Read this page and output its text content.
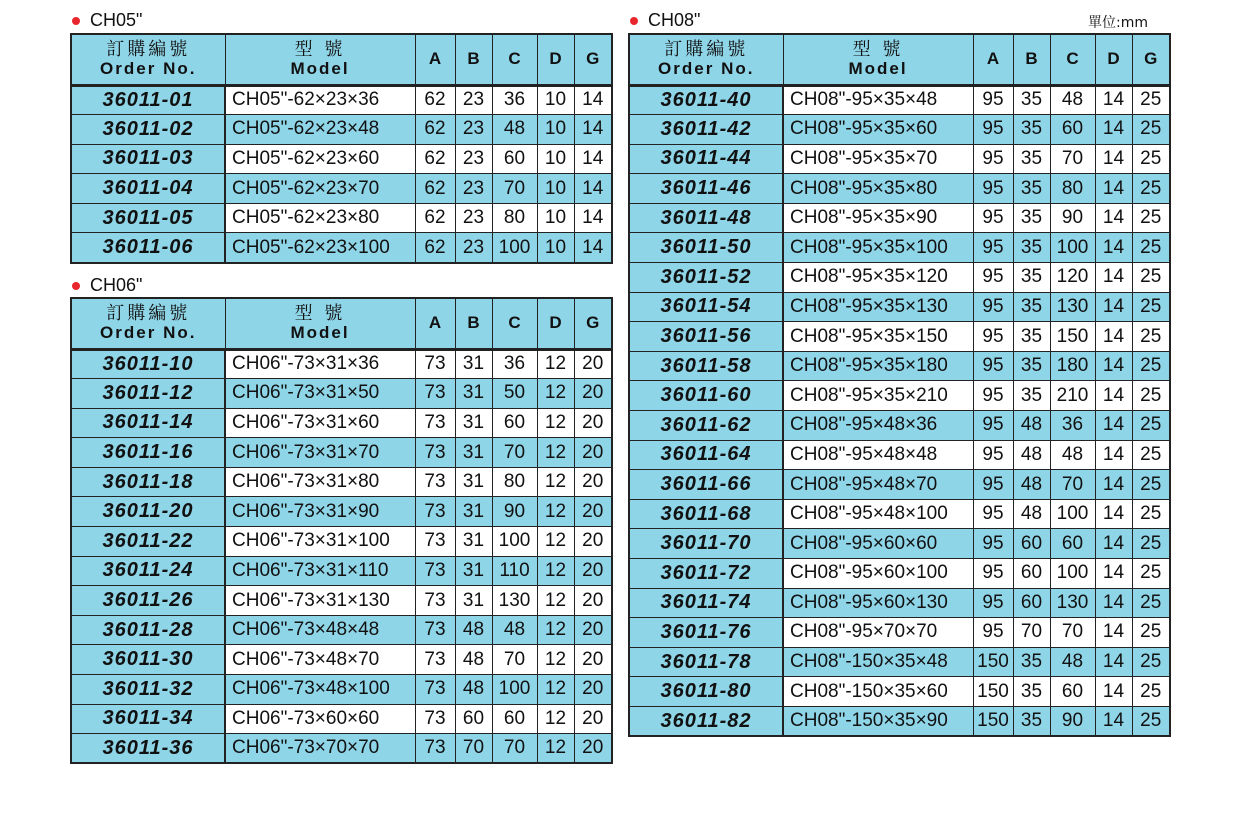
CH05"
訂購編號
Order No.	型 號
Model	A	B	C	D	G
36011-01	CH05"-62×23×36	62	23	36	10	14
36011-02	CH05"-62×23×48	62	23	48	10	14
36011-03	CH05"-62×23×60	62	23	60	10	14
36011-04	CH05"-62×23×70	62	23	70	10	14
36011-05	CH05"-62×23×80	62	23	80	10	14
36011-06	CH05"-62×23×100	62	23	100	10	14
CH06"
訂購編號
Order No.	型 號
Model	A	B	C	D	G
36011-10	CH06"-73×31×36	73	31	36	12	20
36011-12	CH06"-73×31×50	73	31	50	12	20
36011-14	CH06"-73×31×60	73	31	60	12	20
36011-16	CH06"-73×31×70	73	31	70	12	20
36011-18	CH06"-73×31×80	73	31	80	12	20
36011-20	CH06"-73×31×90	73	31	90	12	20
36011-22	CH06"-73×31×100	73	31	100	12	20
36011-24	CH06"-73×31×110	73	31	110	12	20
36011-26	CH06"-73×31×130	73	31	130	12	20
36011-28	CH06"-73×48×48	73	48	48	12	20
36011-30	CH06"-73×48×70	73	48	70	12	20
36011-32	CH06"-73×48×100	73	48	100	12	20
36011-34	CH06"-73×60×60	73	60	60	12	20
36011-36	CH06"-73×70×70	73	70	70	12	20
CH08"	單位:mm
訂購編號
Order No.	型 號
Model	A	B	C	D	G
36011-40	CH08"-95×35×48	95	35	48	14	25
36011-42	CH08"-95×35×60	95	35	60	14	25
36011-44	CH08"-95×35×70	95	35	70	14	25
36011-46	CH08"-95×35×80	95	35	80	14	25
36011-48	CH08"-95×35×90	95	35	90	14	25
36011-50	CH08"-95×35×100	95	35	100	14	25
36011-52	CH08"-95×35×120	95	35	120	14	25
36011-54	CH08"-95×35×130	95	35	130	14	25
36011-56	CH08"-95×35×150	95	35	150	14	25
36011-58	CH08"-95×35×180	95	35	180	14	25
36011-60	CH08"-95×35×210	95	35	210	14	25
36011-62	CH08"-95×48×36	95	48	36	14	25
36011-64	CH08"-95×48×48	95	48	48	14	25
36011-66	CH08"-95×48×70	95	48	70	14	25
36011-68	CH08"-95×48×100	95	48	100	14	25
36011-70	CH08"-95×60×60	95	60	60	14	25
36011-72	CH08"-95×60×100	95	60	100	14	25
36011-74	CH08"-95×60×130	95	60	130	14	25
36011-76	CH08"-95×70×70	95	70	70	14	25
36011-78	CH08"-150×35×48	150	35	48	14	25
36011-80	CH08"-150×35×60	150	35	60	14	25
36011-82	CH08"-150×35×90	150	35	90	14	25
